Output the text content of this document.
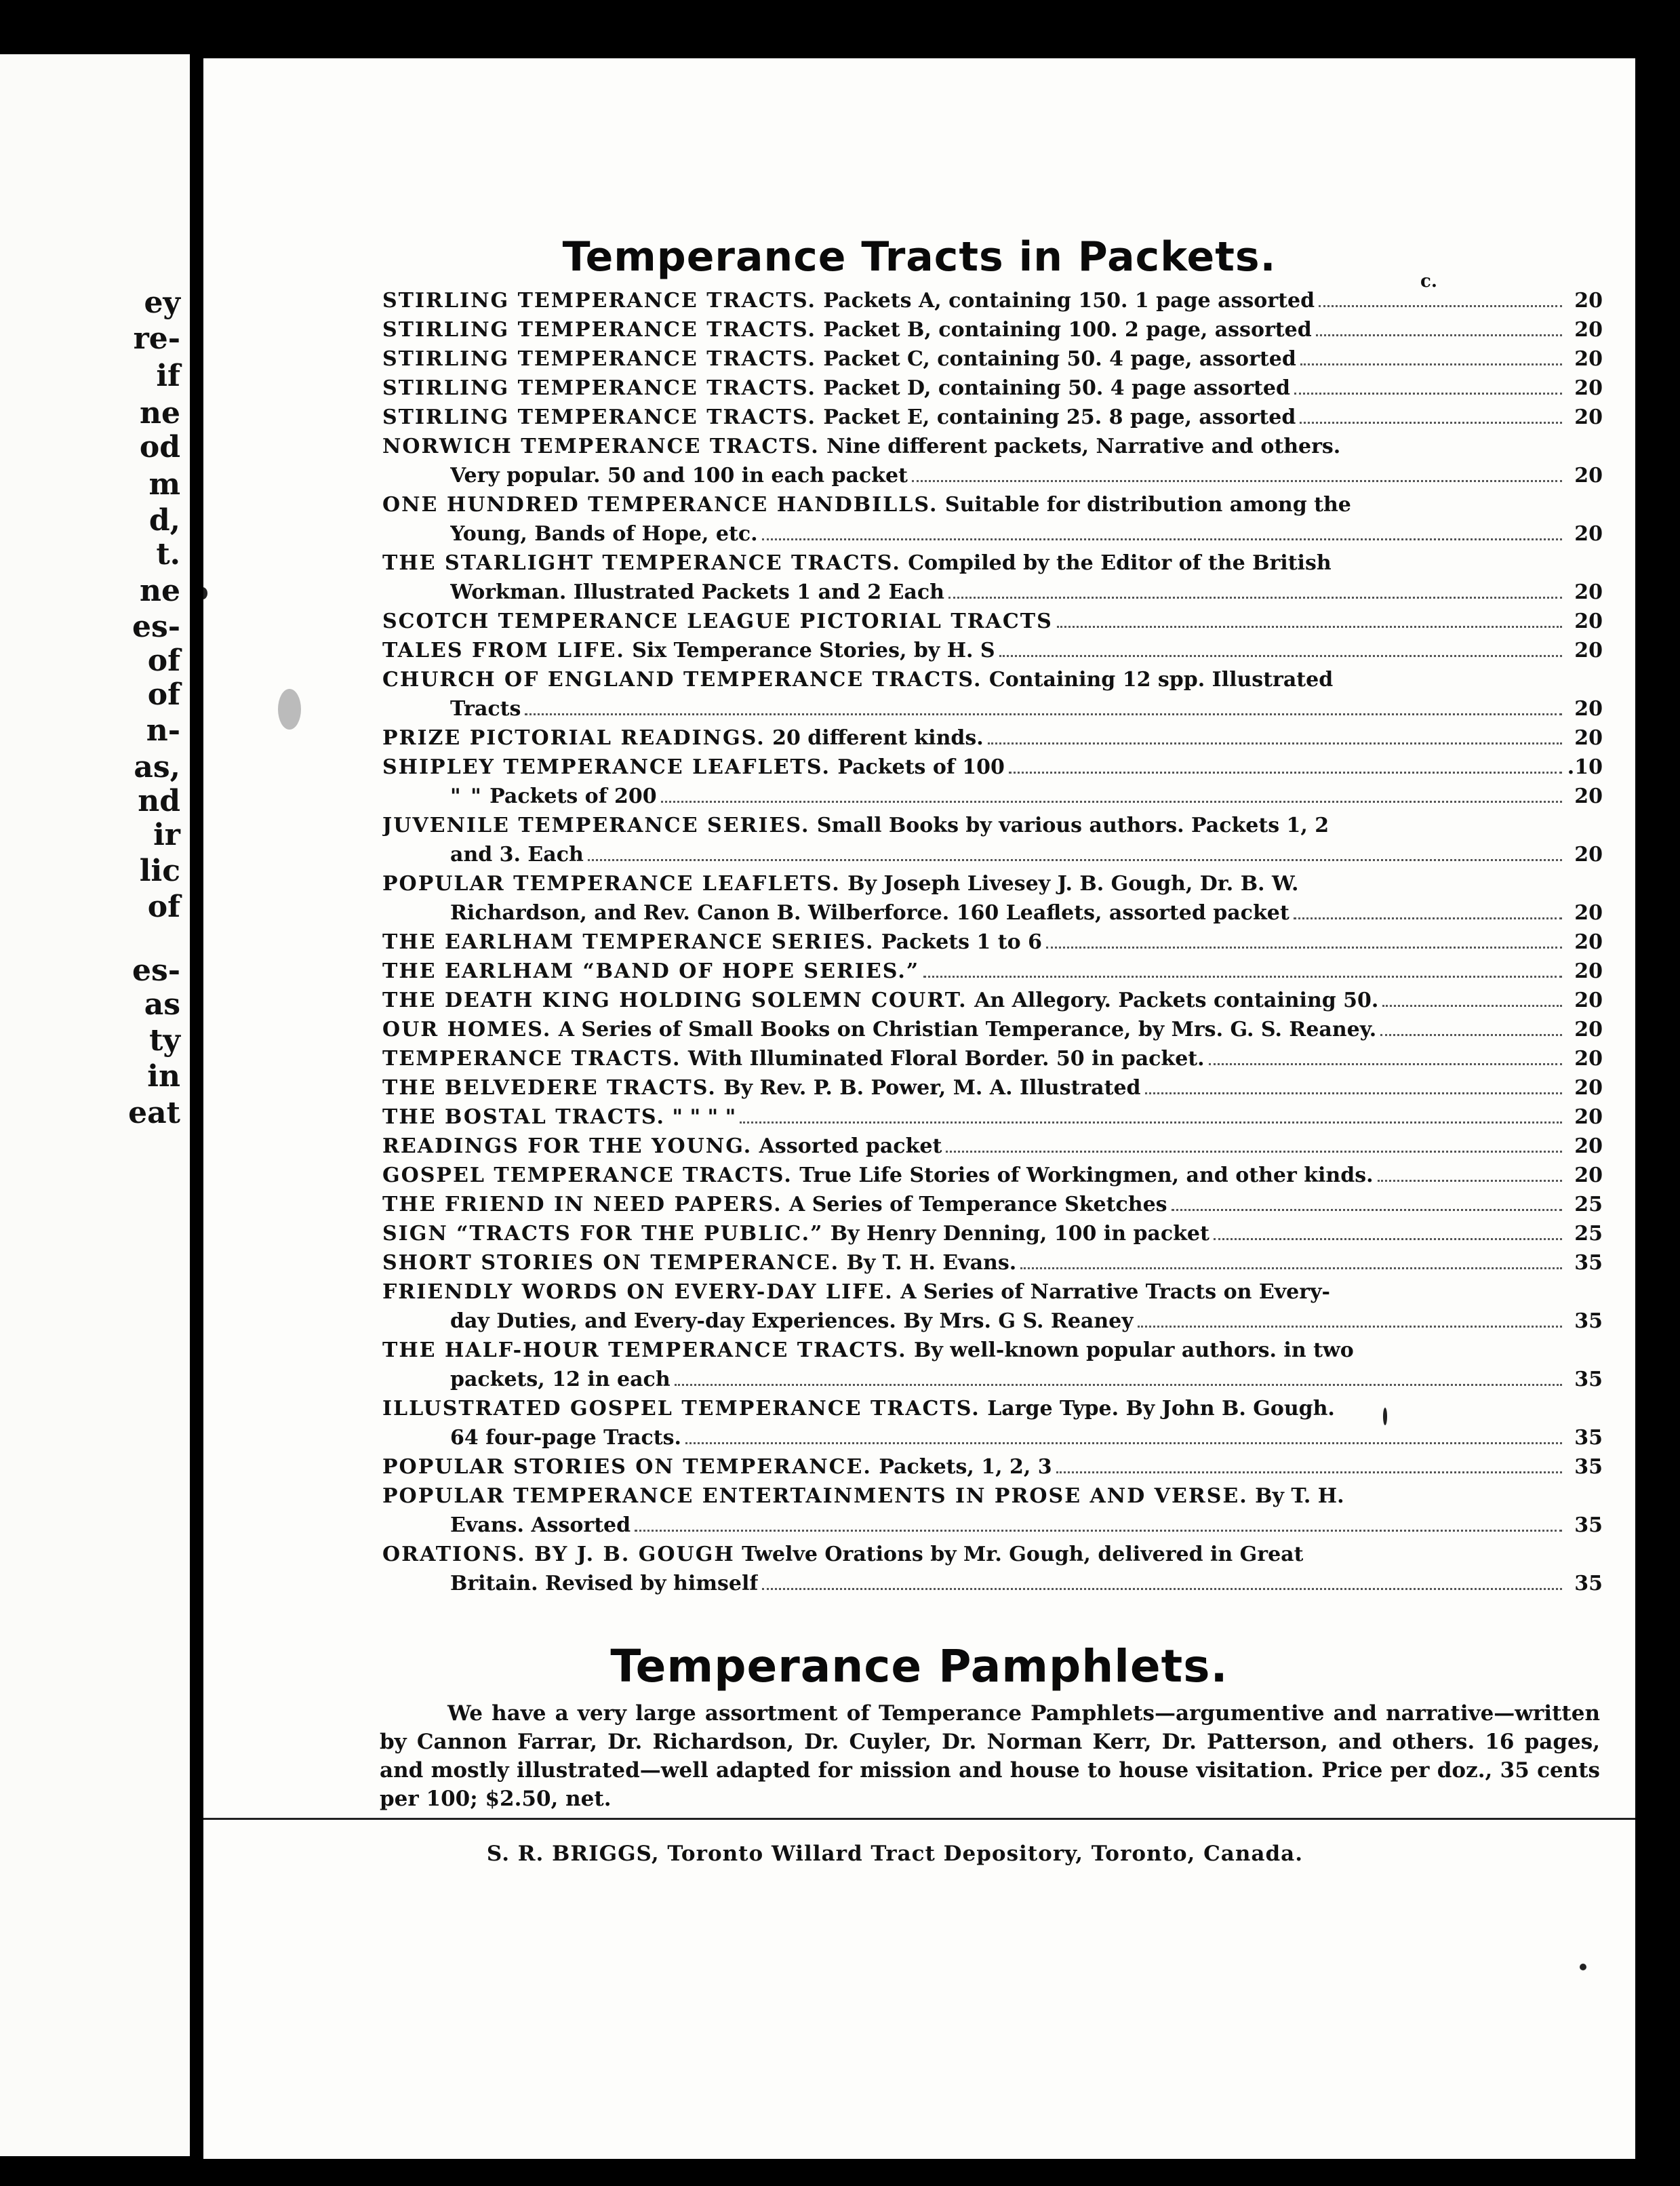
ey
re-
if
ne
od
m
d,
t.
ne
es-
of
of
n-
as,
nd
ir
lic
of
es-
as
ty
in
eat
Temperance Tracts in Packets.
c.
STIRLING TEMPERANCE TRACTS. Packets A, containing 150. 1 page assorted	20
STIRLING TEMPERANCE TRACTS. Packet B, containing 100. 2 page, assorted	20
STIRLING TEMPERANCE TRACTS. Packet C, containing 50. 4 page, assorted	20
STIRLING TEMPERANCE TRACTS. Packet D, containing 50. 4 page assorted	20
STIRLING TEMPERANCE TRACTS. Packet E, containing 25. 8 page, assorted	20
NORWICH TEMPERANCE TRACTS. Nine different packets, Narrative and others.
Very popular. 50 and 100 in each packet	20
ONE HUNDRED TEMPERANCE HANDBILLS. Suitable for distribution among the
Young, Bands of Hope, etc.	20
THE STARLIGHT TEMPERANCE TRACTS. Compiled by the Editor of the British
Workman. Illustrated Packets 1 and 2 Each	20
SCOTCH TEMPERANCE LEAGUE PICTORIAL TRACTS	20
TALES FROM LIFE. Six Temperance Stories, by H. S	20
CHURCH OF ENGLAND TEMPERANCE TRACTS. Containing 12 spp. Illustrated
Tracts	20
PRIZE PICTORIAL READINGS. 20 different kinds.	20
SHIPLEY TEMPERANCE LEAFLETS. Packets of 100	.10
" " Packets of 200	20
JUVENILE TEMPERANCE SERIES. Small Books by various authors. Packets 1, 2
and 3. Each	20
POPULAR TEMPERANCE LEAFLETS. By Joseph Livesey J. B. Gough, Dr. B. W.
Richardson, and Rev. Canon B. Wilberforce. 160 Leaflets, assorted packet	20
THE EARLHAM TEMPERANCE SERIES. Packets 1 to 6	20
THE EARLHAM “BAND OF HOPE SERIES.”	20
THE DEATH KING HOLDING SOLEMN COURT. An Allegory. Packets containing 50.	20
OUR HOMES. A Series of Small Books on Christian Temperance, by Mrs. G. S. Reaney.	20
TEMPERANCE TRACTS. With Illuminated Floral Border. 50 in packet.	20
THE BELVEDERE TRACTS. By Rev. P. B. Power, M. A. Illustrated	20
THE BOSTAL TRACTS. " " " "	20
READINGS FOR THE YOUNG. Assorted packet	20
GOSPEL TEMPERANCE TRACTS. True Life Stories of Workingmen, and other kinds.	20
THE FRIEND IN NEED PAPERS. A Series of Temperance Sketches	25
SIGN “TRACTS FOR THE PUBLIC.” By Henry Denning, 100 in packet	25
SHORT STORIES ON TEMPERANCE. By T. H. Evans.	35
FRIENDLY WORDS ON EVERY-DAY LIFE. A Series of Narrative Tracts on Every-
day Duties, and Every-day Experiences. By Mrs. G S. Reaney	35
THE HALF-HOUR TEMPERANCE TRACTS. By well-known popular authors. in two
packets, 12 in each	35
ILLUSTRATED GOSPEL TEMPERANCE TRACTS. Large Type. By John B. Gough.
64 four-page Tracts.	35
POPULAR STORIES ON TEMPERANCE. Packets, 1, 2, 3	35
POPULAR TEMPERANCE ENTERTAINMENTS IN PROSE AND VERSE. By T. H.
Evans. Assorted	35
ORATIONS. BY J. B. GOUGH Twelve Orations by Mr. Gough, delivered in Great
Britain. Revised by himself	35
Temperance Pamphlets.
We have a very large assortment of Temperance Pamphlets—argumentive and narrative—written by Cannon Farrar, Dr. Richardson, Dr. Cuyler, Dr. Norman Kerr, Dr. Patterson, and others. 16 pages, and mostly illustrated—well adapted for mission and house to house visitation. Price per doz., 35 cents per 100; $2.50, net.
S. R. BRIGGS, Toronto Willard Tract Depository, Toronto, Canada.
